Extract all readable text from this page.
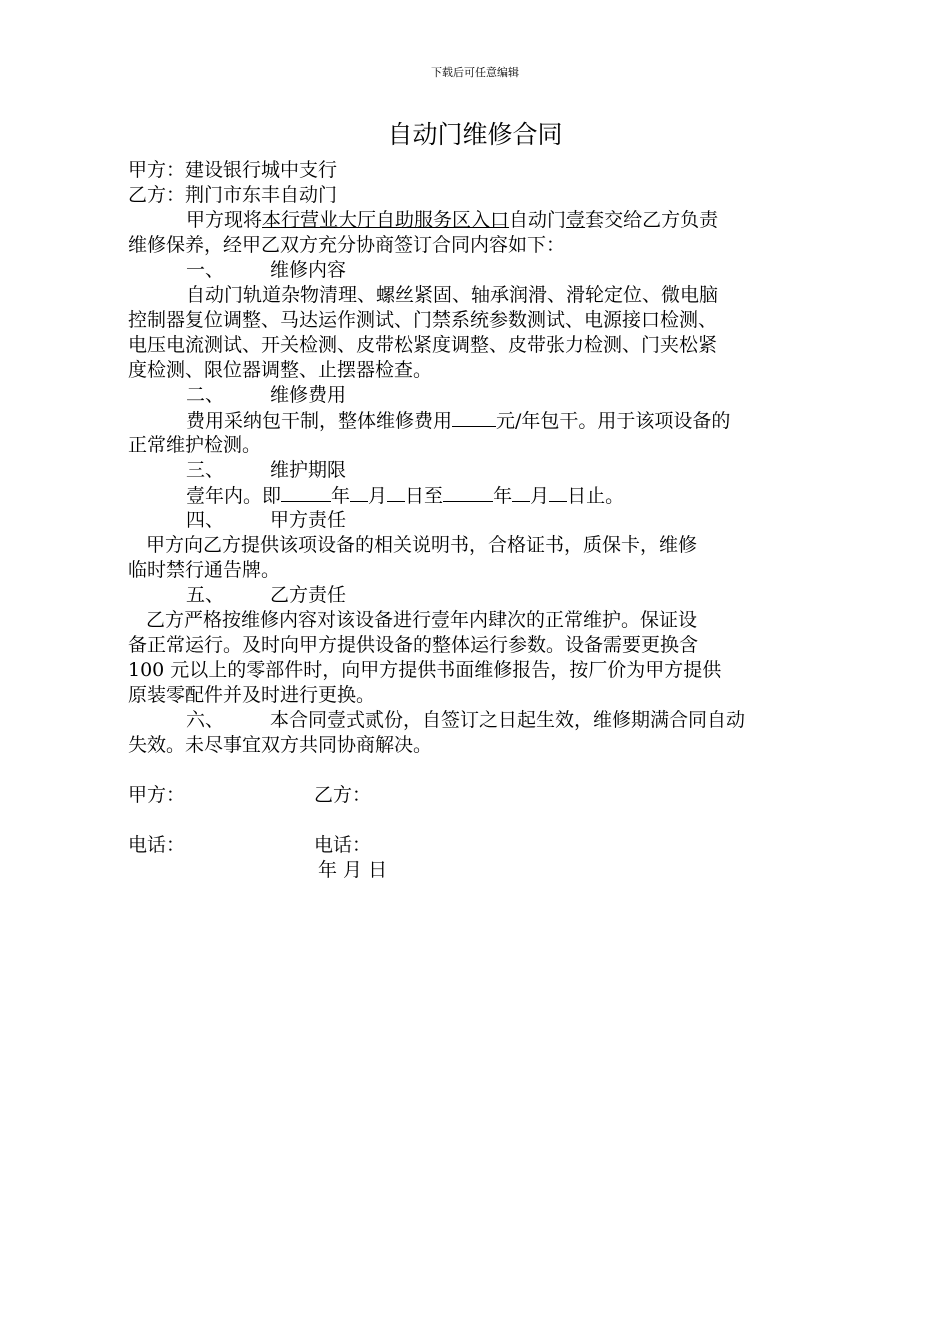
下载后可任意编辑
自动门维修合同
甲方：建设银行城中支行
乙方：荆门市东丰自动门
甲方现将本行营业大厅自助服务区入口自动门壹套交给乙方负责
维修保养，经甲乙双方充分协商签订合同内容如下：
一、 维修内容
自动门轨道杂物清理、螺丝紧固、轴承润滑、滑轮定位、微电脑
控制器复位调整、马达运作测试、门禁系统参数测试、电源接口检测、
电压电流测试、开关检测、皮带松紧度调整、皮带张力检测、门夹松紧
度检测、限位器调整、止摆器检查。
二、 维修费用
费用采纳包干制，整体维修费用 元/年包干。用于该项设备的
正常维护检测。
三、 维护期限
壹年内。即	年 月 日至	年 月 日止。
四、 甲方责任
甲方向乙方提供该项设备的相关说明书，合格证书，质保卡，维修
临时禁行通告牌。
五、 乙方责任
乙方严格按维修内容对该设备进行壹年内肆次的正常维护。保证设
备正常运行。及时向甲方提供设备的整体运行参数。设备需要更换含
100 元以上的零部件时，向甲方提供书面维修报告，按厂价为甲方提供
原装零配件并及时进行更换。
六、 本合同壹式贰份，自签订之日起生效，维修期满合同自动
失效。未尽事宜双方共同协商解决。
甲方：	乙方：
电话：	电话：
年 月 日
